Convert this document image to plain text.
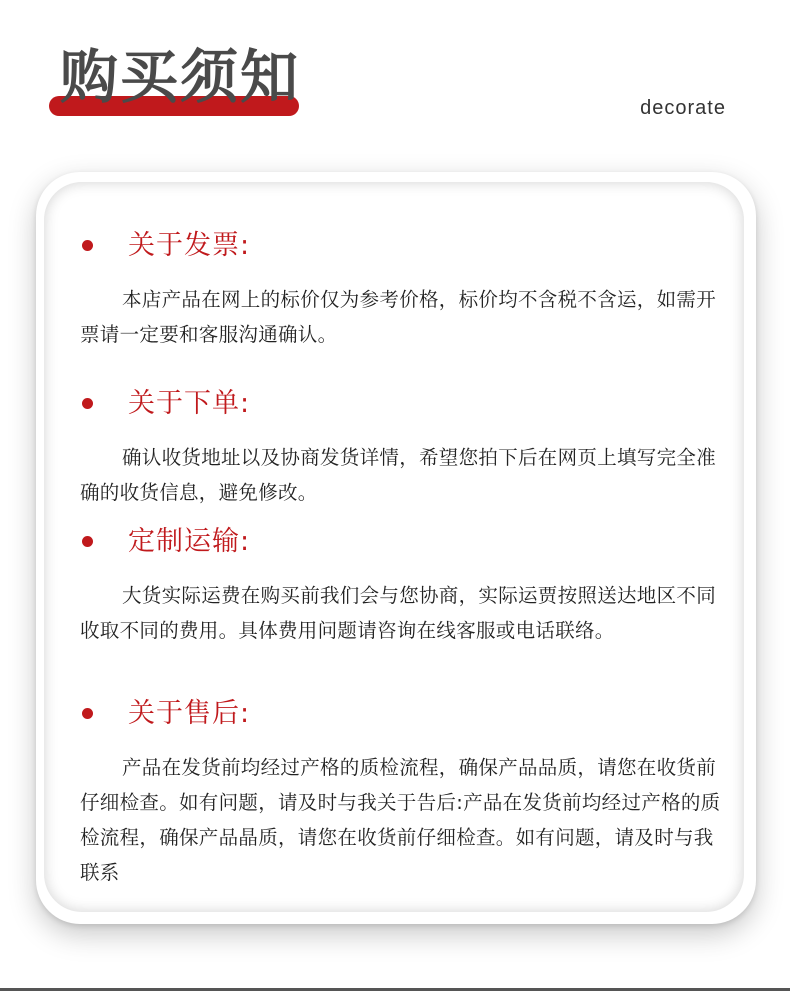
购买须知	decorate
关于发票:
本店产品在网上的标价仅为参考价格，标价均不含税不含运，如需开票请一定要和客服沟通确认。
关于下单:
确认收货地址以及协商发货详情，希望您拍下后在网页上填写完全准确的收货信息，避免修改。
定制运输:
大货实际运费在购买前我们会与您协商，实际运贾按照送达地区不同收取不同的费用。具体费用问题请咨询在线客服或电话联络。
关于售后:
产品在发货前均经过产格的质检流程，确保产品品质，请您在收货前仔细检查。如有问题，请及时与我关于告后:产品在发货前均经过产格的质检流程，确保产品晶质，请您在收货前仔细检查。如有问题，请及时与我联系
